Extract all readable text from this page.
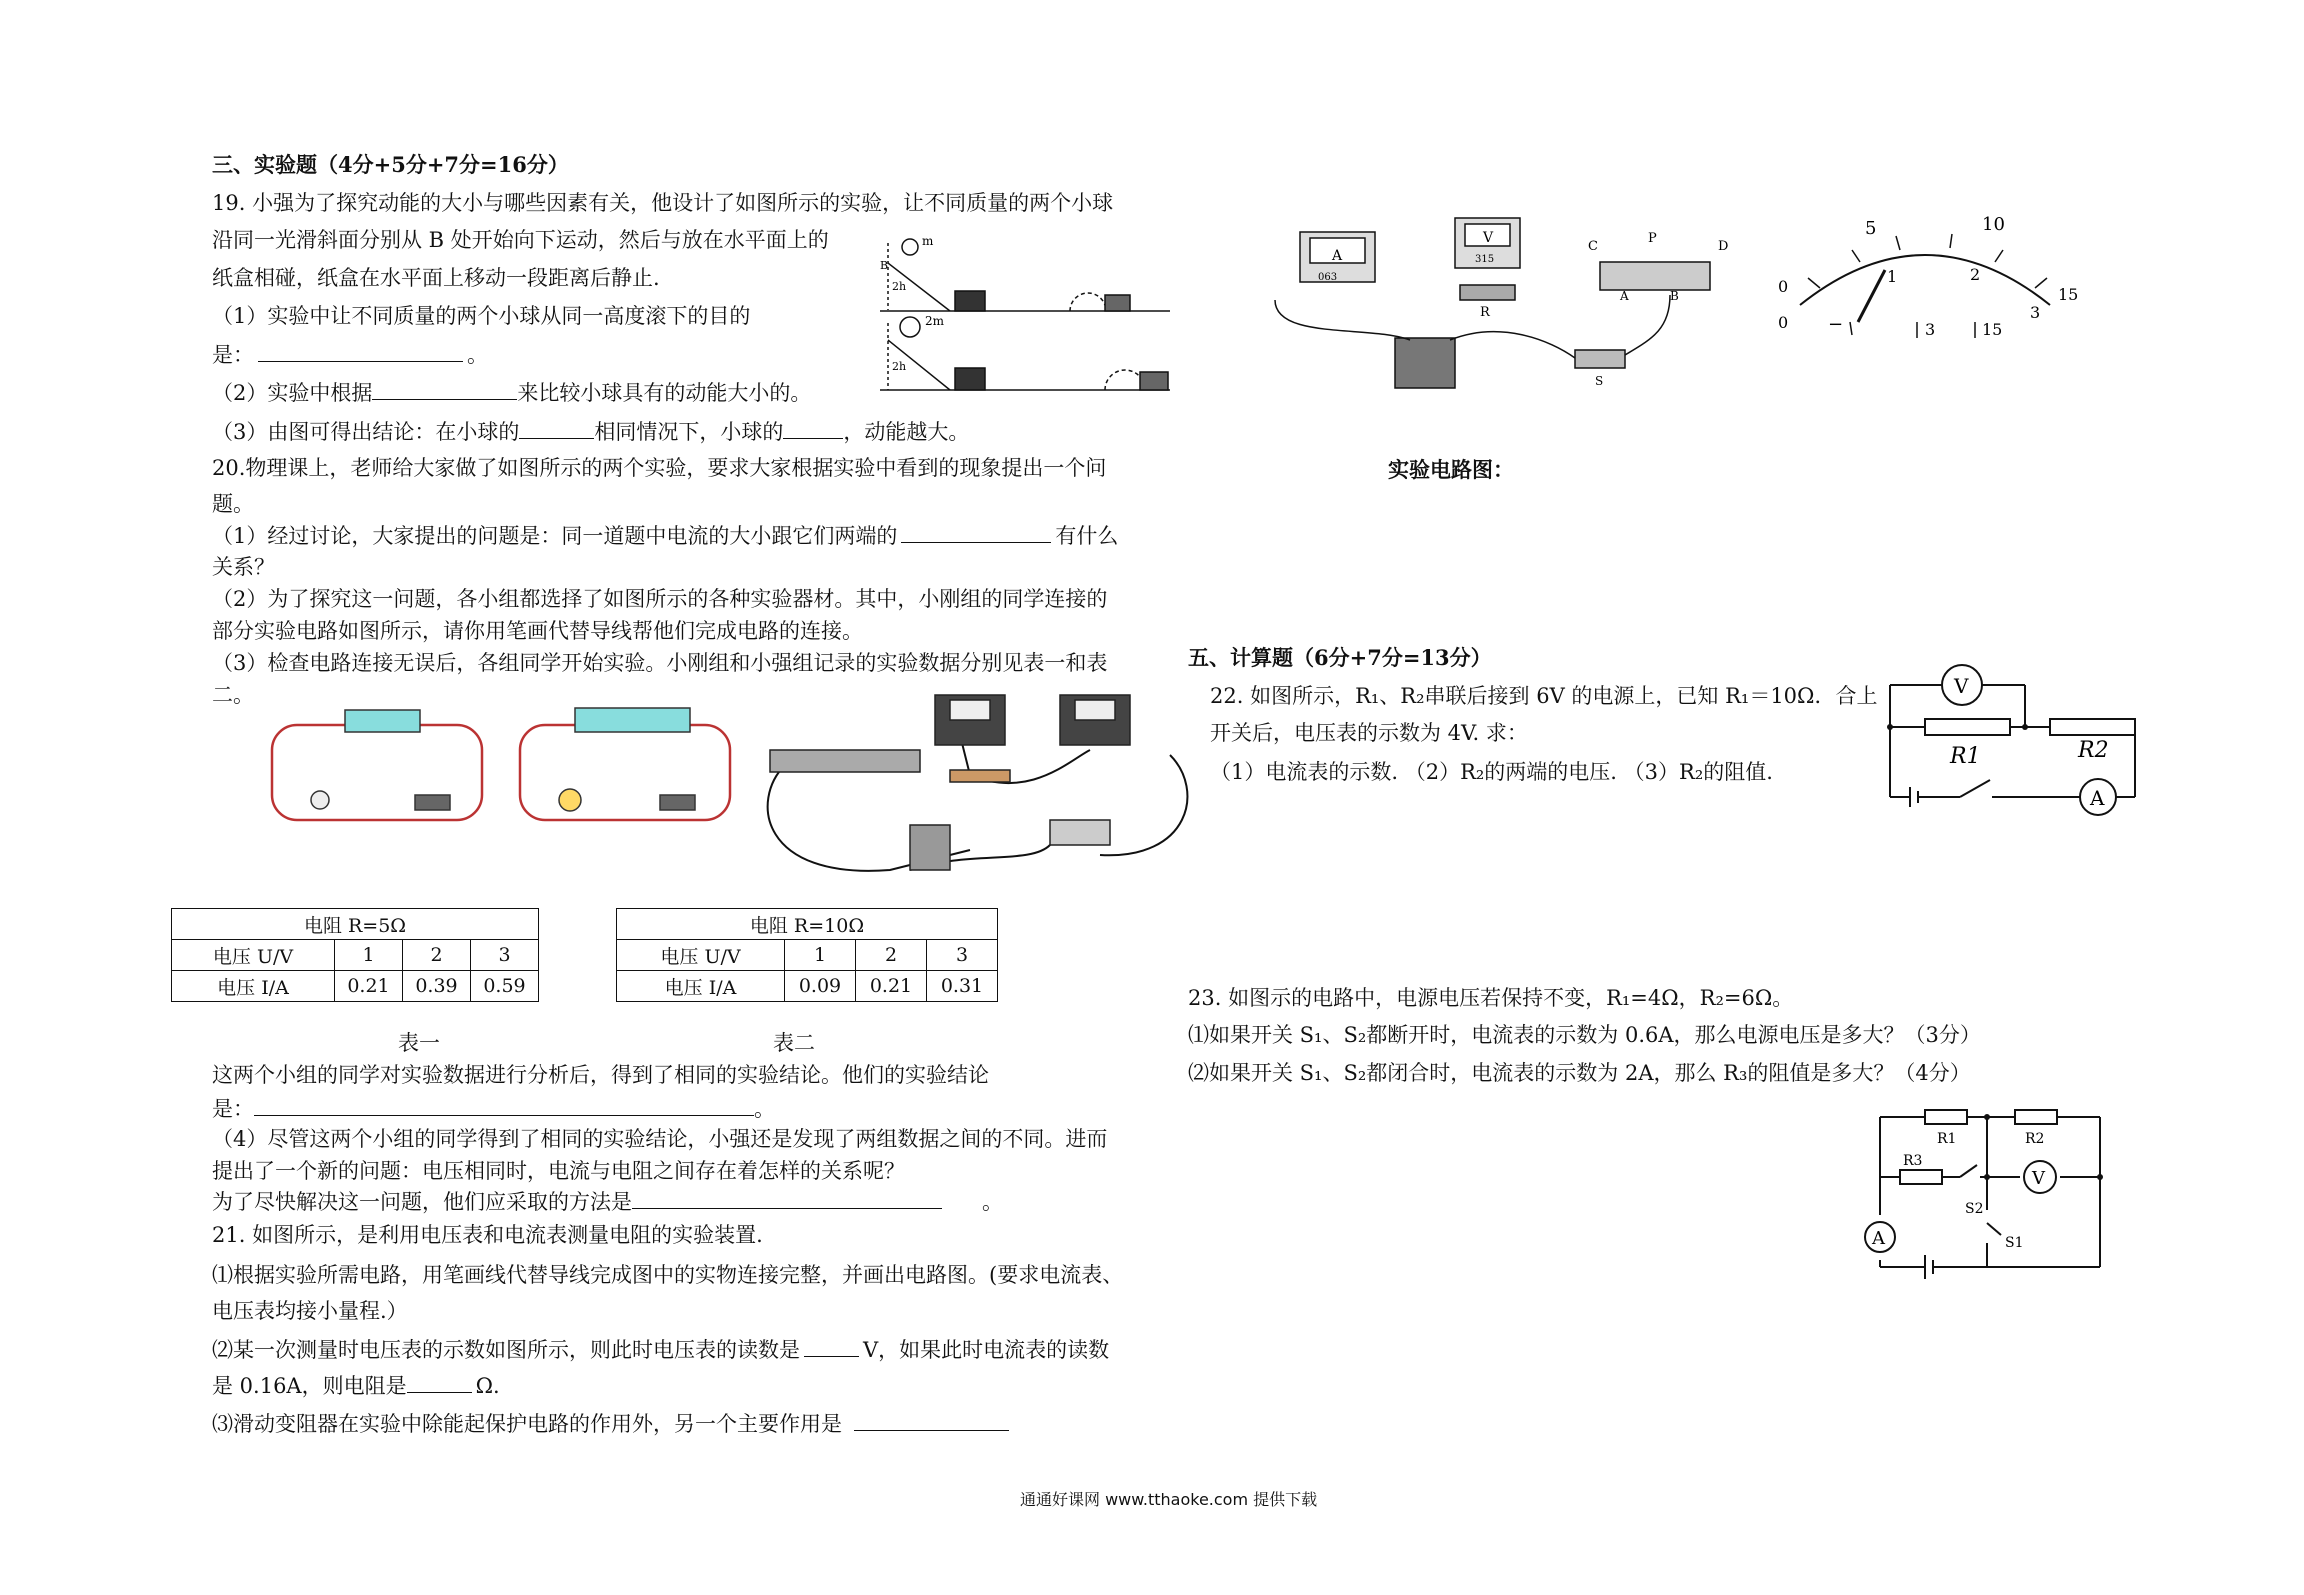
三、实验题（4分+5分+7分=16分）
19. 小强为了探究动能的大小与哪些因素有关，他设计了如图所示的实验，让不同质量的两个小球
沿同一光滑斜面分别从 B 处开始向下运动，然后与放在水平面上的
纸盒相碰，纸盒在水平面上移动一段距离后静止.
（1）实验中让不同质量的两个小球从同一高度滚下的目的
是：	。
（2）实验中根据	来比较小球具有的动能大小的。
（3）由图可得出结论：在小球的	相同情况下，小球的	，动能越大。
m
2m
2h
2h
B
20.物理课上，老师给大家做了如图所示的两个实验，要求大家根据实验中看到的现象提出一个问
题。
（1）经过讨论，大家提出的问题是：同一道题中电流的大小跟它们两端的	有什么
关系？
（2）为了探究这一问题，各小组都选择了如图所示的各种实验器材。其中，小刚组的同学连接的
部分实验电路如图所示，请你用笔画代替导线帮他们完成电路的连接。
（3）检查电路连接无误后，各组同学开始实验。小刚组和小强组记录的实验数据分别见表一和表
二。
电阻 R=5Ω			
电压 U/V	1	2	3
电压 I/A	0.21	0.39	0.59
电阻 R=10Ω			
电压 U/V	1	2	3
电压 I/A	0.09	0.21	0.31
表一	表二
这两个小组的同学对实验数据进行分析后，得到了相同的实验结论。他们的实验结论
是：	。
（4）尽管这两个小组的同学得到了相同的实验结论，小强还是发现了两组数据之间的不同。进而
提出了一个新的问题：电压相同时，电流与电阻之间存在着怎样的关系呢？
为了尽快解决这一问题，他们应采取的方法是	。
21. 如图所示，是利用电压表和电流表测量电阻的实验装置.
⑴根据实验所需电路，用笔画线代替导线完成图中的实物连接完整，并画出电路图。(要求电流表、
电压表均接小量程.）
⑵某一次测量时电压表的示数如图所示，则此时电压表的读数是	V，如果此时电流表的读数
是 0.16A，则电阻是	Ω.
⑶滑动变阻器在实验中除能起保护电路的作用外，另一个主要作用是
A
063
V
315
R
C
P
D
A	B
S
5	10
1	2
0
0
15
3
−	3	15
实验电路图：
五、计算题（6分+7分=13分）
22. 如图所示，R₁、R₂串联后接到 6V 的电源上，已知 R₁＝10Ω．合上
开关后，电压表的示数为 4V. 求：
（1）电流表的示数. （2）R₂的两端的电压. （3）R₂的阻值.
V
A
R1	R2
23. 如图示的电路中，电源电压若保持不变，R₁=4Ω，R₂=6Ω。
⑴如果开关 S₁、S₂都断开时，电流表的示数为 0.6A，那么电源电压是多大？（3分）
⑵如果开关 S₁、S₂都闭合时，电流表的示数为 2A，那么 R₃的阻值是多大？（4分）
A
V
R1	R2
R3
S2
S1
通通好课网 www.tthaoke.com 提供下载
